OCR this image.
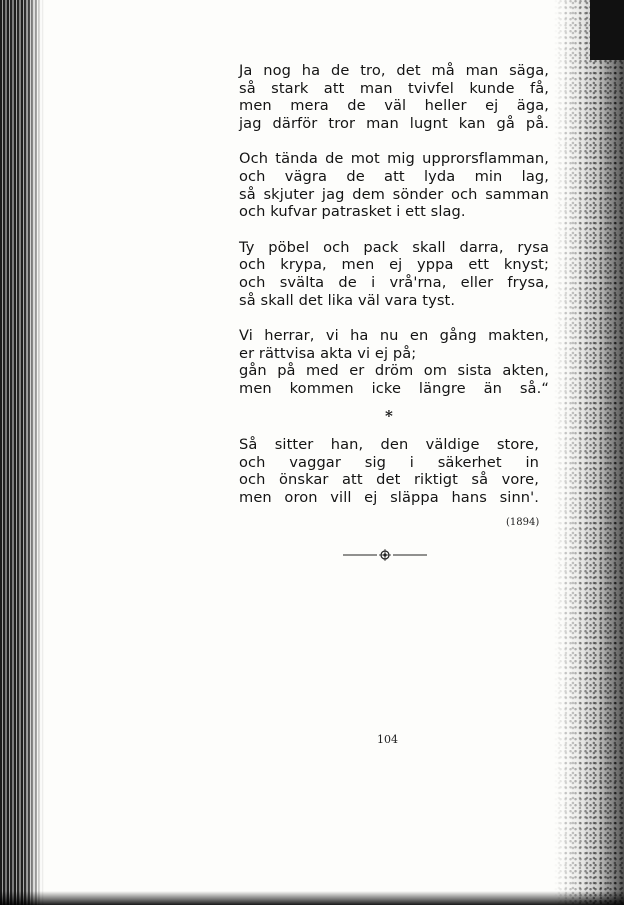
Ja nog ha de tro, det må man säga,
så stark att man tvivfel kunde få,
men mera de väl heller ej äga,
jag därför tror man lugnt kan gå på.
Och tända de mot mig upprorsflamman,
och vägra de att lyda min lag,
så skjuter jag dem sönder och samman
och kufvar patrasket i ett slag.
Ty pöbel och pack skall darra, rysa
och krypa, men ej yppa ett knyst;
och svälta de i vrå'rna, eller frysa,
så skall det lika väl vara tyst.
Vi herrar, vi ha nu en gång makten,
er rättvisa akta vi ej på;
gån på med er dröm om sista akten,
men kommen icke längre än så.“
*
Så sitter han, den väldige store,
och vaggar sig i säkerhet in
och önskar att det riktigt så vore,
men oron vill ej släppa hans sinn'.
(1894)
104
